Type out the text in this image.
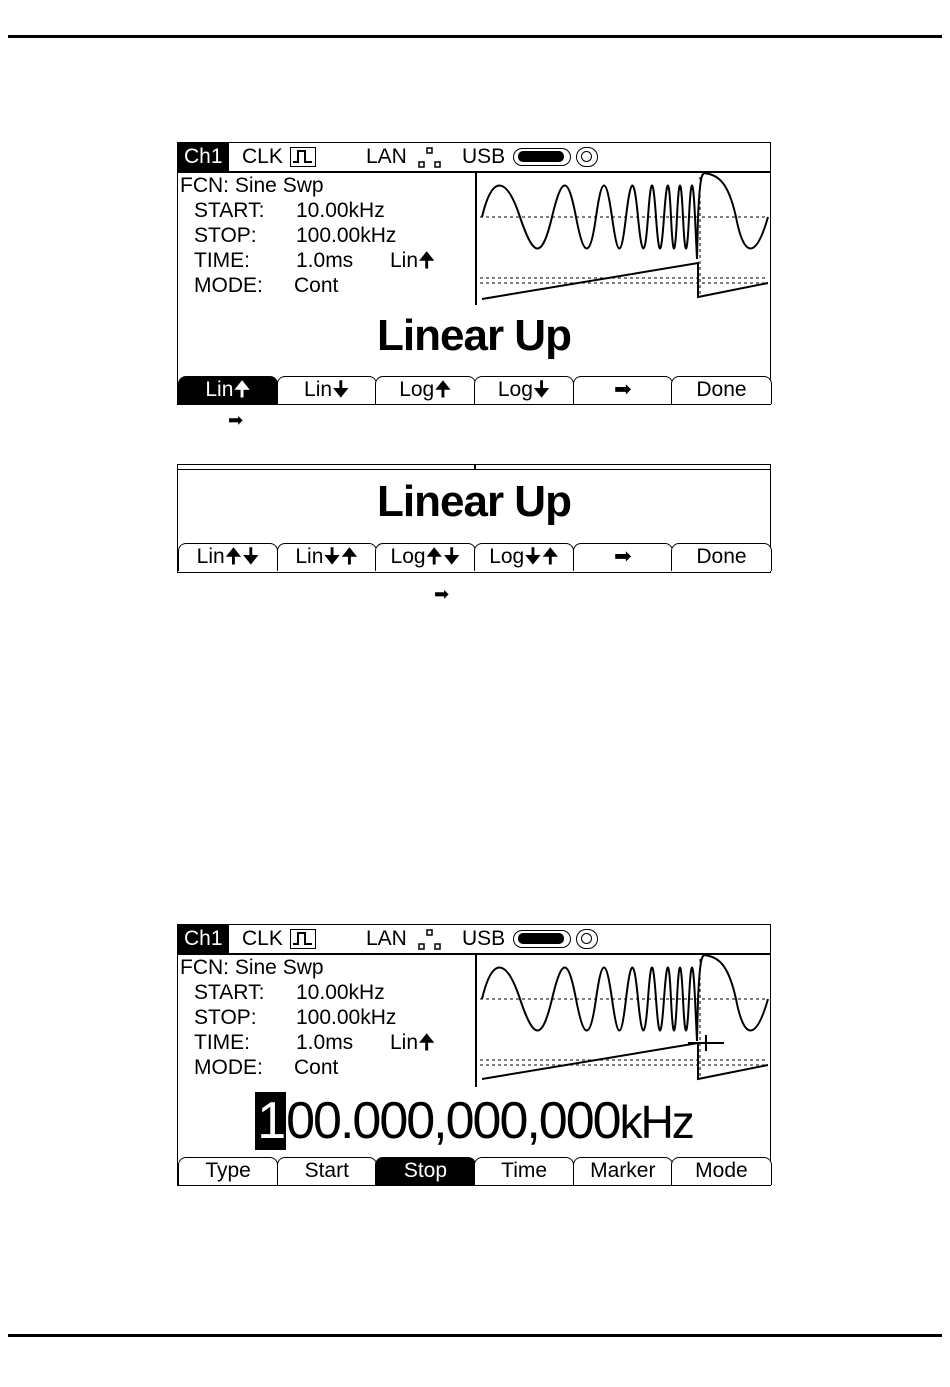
Ch1 CLK	LAN	USB
FCN: Sine Swp
START: 10.00kHz
STOP: 100.00kHz
TIME: 1.0ms Lin🠉
MODE: Cont
Linear Up
Lin🠉	Lin🠋	Log🠉	Log🠋	➡	Done
➡
Linear Up
Lin🠉🠋	Lin🠋🠉	Log🠉🠋	Log🠋🠉	➡	Done
➡
Ch1 CLK	LAN	USB
FCN: Sine Swp
START: 10.00kHz
STOP: 100.00kHz
TIME: 1.0ms Lin🠉
MODE: Cont
100.000,000,000kHz
Type	Start	Stop	Time	Marker	Mode
